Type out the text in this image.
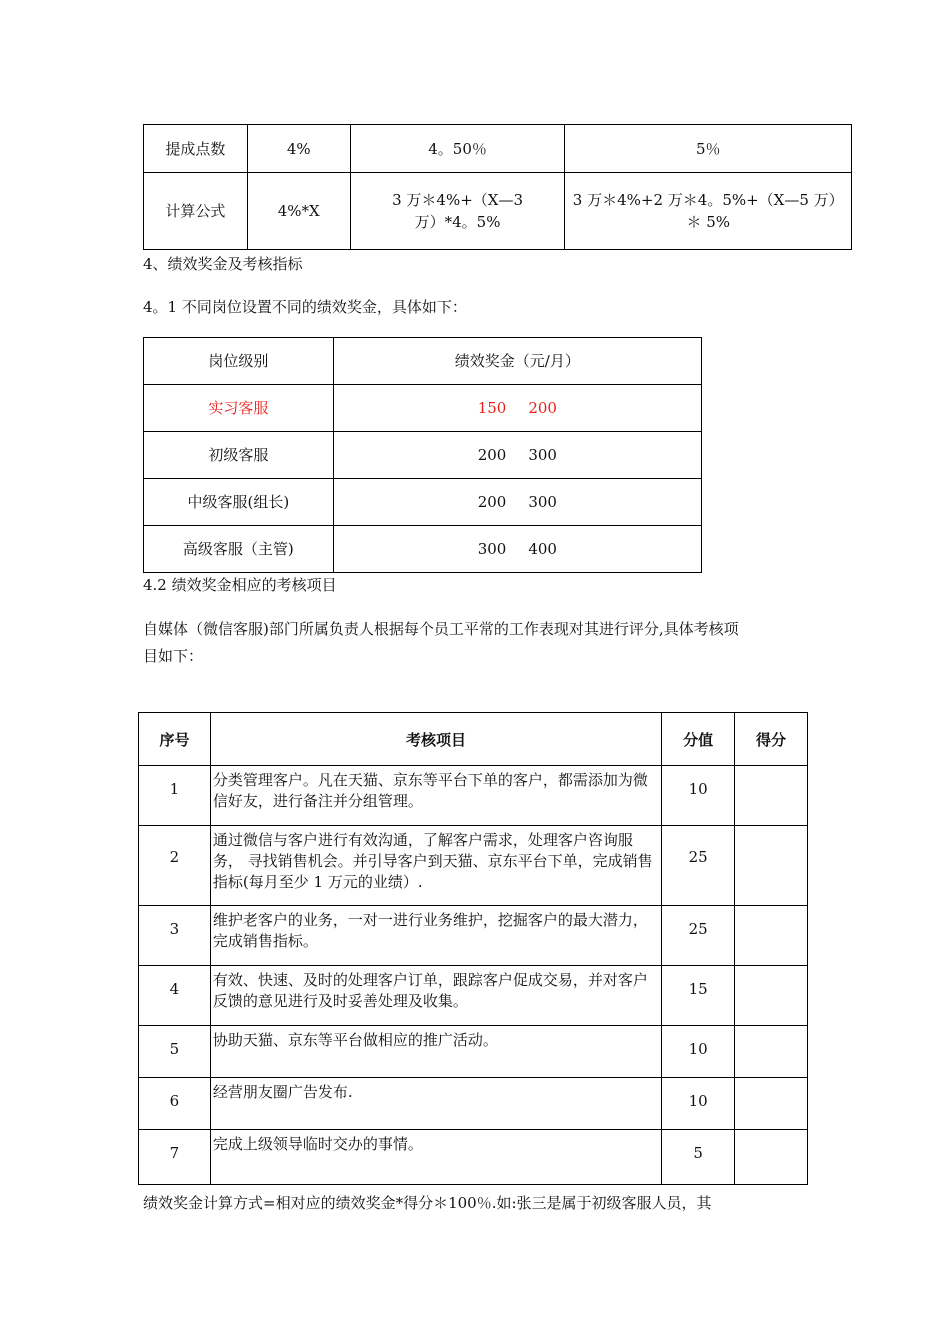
提成点数	4%	4。50％	5％
计算公式	4%*X	3 万＊4%+（X—3 万）*4。5%	3 万＊4%+2 万＊4。5%+（X—5 万）＊ 5%

4、绩效奖金及考核指标

4。1 不同岗位设置不同的绩效奖金，具体如下：

岗位级别	绩效奖金（元/月）
实习客服	150 200
初级客服	200 300
中级客服(组长)	200 300
高级客服（主管)	300 400

4.2 绩效奖金相应的考核项目

自媒体（微信客服)部门所属负责人根据每个员工平常的工作表现对其进行评分,具体考核项

目如下：

序号	考核项目	分值	得分
1	分类管理客户。凡在天猫、京东等平台下单的客户，都需添加为微信好友，进行备注并分组管理。	10	
2	通过微信与客户进行有效沟通，了解客户需求，处理客户咨询服务， 寻找销售机会。并引导客户到天猫、京东平台下单，完成销售指标(每月至少 1 万元的业绩）.	25	
3	维护老客户的业务，一对一进行业务维护，挖掘客户的最大潜力，完成销售指标。	25	
4	有效、快速、及时的处理客户订单，跟踪客户促成交易，并对客户反馈的意见进行及时妥善处理及收集。	15	
5	协助天猫、京东等平台做相应的推广活动。	10	
6	经营朋友圈广告发布.	10	
7	完成上级领导临时交办的事情。	5	

绩效奖金计算方式=相对应的绩效奖金*得分＊100％.如:张三是属于初级客服人员，其
